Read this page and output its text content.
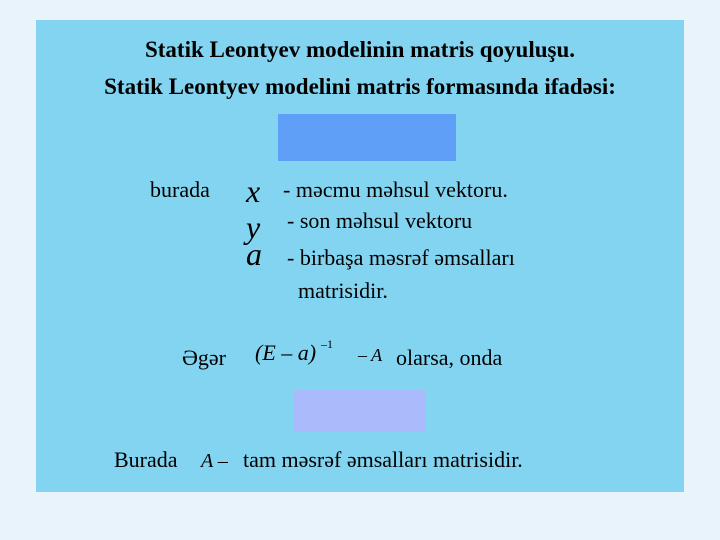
Statik Leontyev modelinin matris qoyuluşu.
Statik Leontyev modelini matris formasında ifadəsi:
burada x
y
a
- məcmu məhsul vektoru.
- son məhsul vektoru
- birbaşa məsrəf əmsalları
matrisidir.
Əgər (E – a) –1
– A olarsa, onda
Burada A – tam məsrəf əmsalları matrisidir.
